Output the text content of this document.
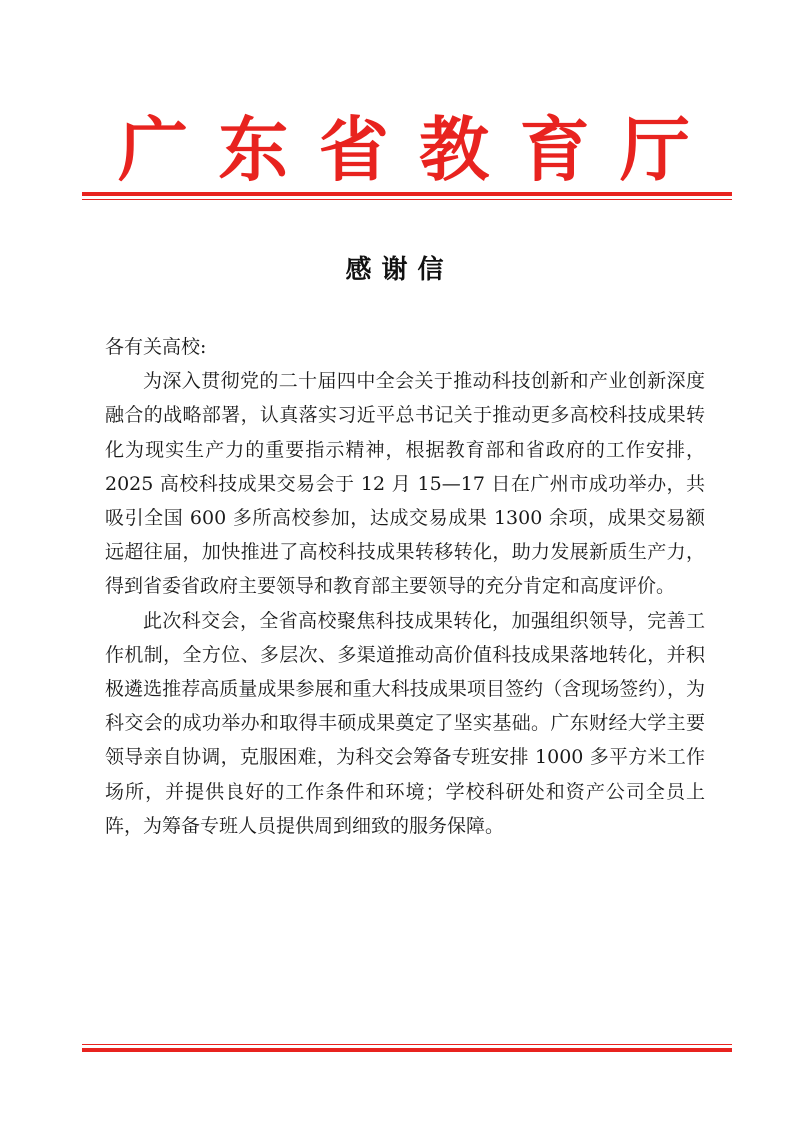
广 东 省 教 育 厅
感谢信

各有关高校:

为深入贯彻党的二十届四中全会关于推动科技创新和产业创新深度融合的战略部署，认真落实习近平总书记关于推动更多高校科技成果转化为现实生产力的重要指示精神，根据教育部和省政府的工作安排，2025 高校科技成果交易会于 12 月 15—17 日在广州市成功举办，共吸引全国 600 多所高校参加，达成交易成果 1300 余项，成果交易额远超往届，加快推进了高校科技成果转移转化，助力发展新质生产力，得到省委省政府主要领导和教育部主要领导的充分肯定和高度评价。

此次科交会，全省高校聚焦科技成果转化，加强组织领导，完善工作机制，全方位、多层次、多渠道推动高价值科技成果落地转化，并积极遴选推荐高质量成果参展和重大科技成果项目签约（含现场签约），为科交会的成功举办和取得丰硕成果奠定了坚实基础。广东财经大学主要领导亲自协调，克服困难，为科交会筹备专班安排 1000 多平方米工作场所，并提供良好的工作条件和环境；学校科研处和资产公司全员上阵，为筹备专班人员提供周到细致的服务保障。
